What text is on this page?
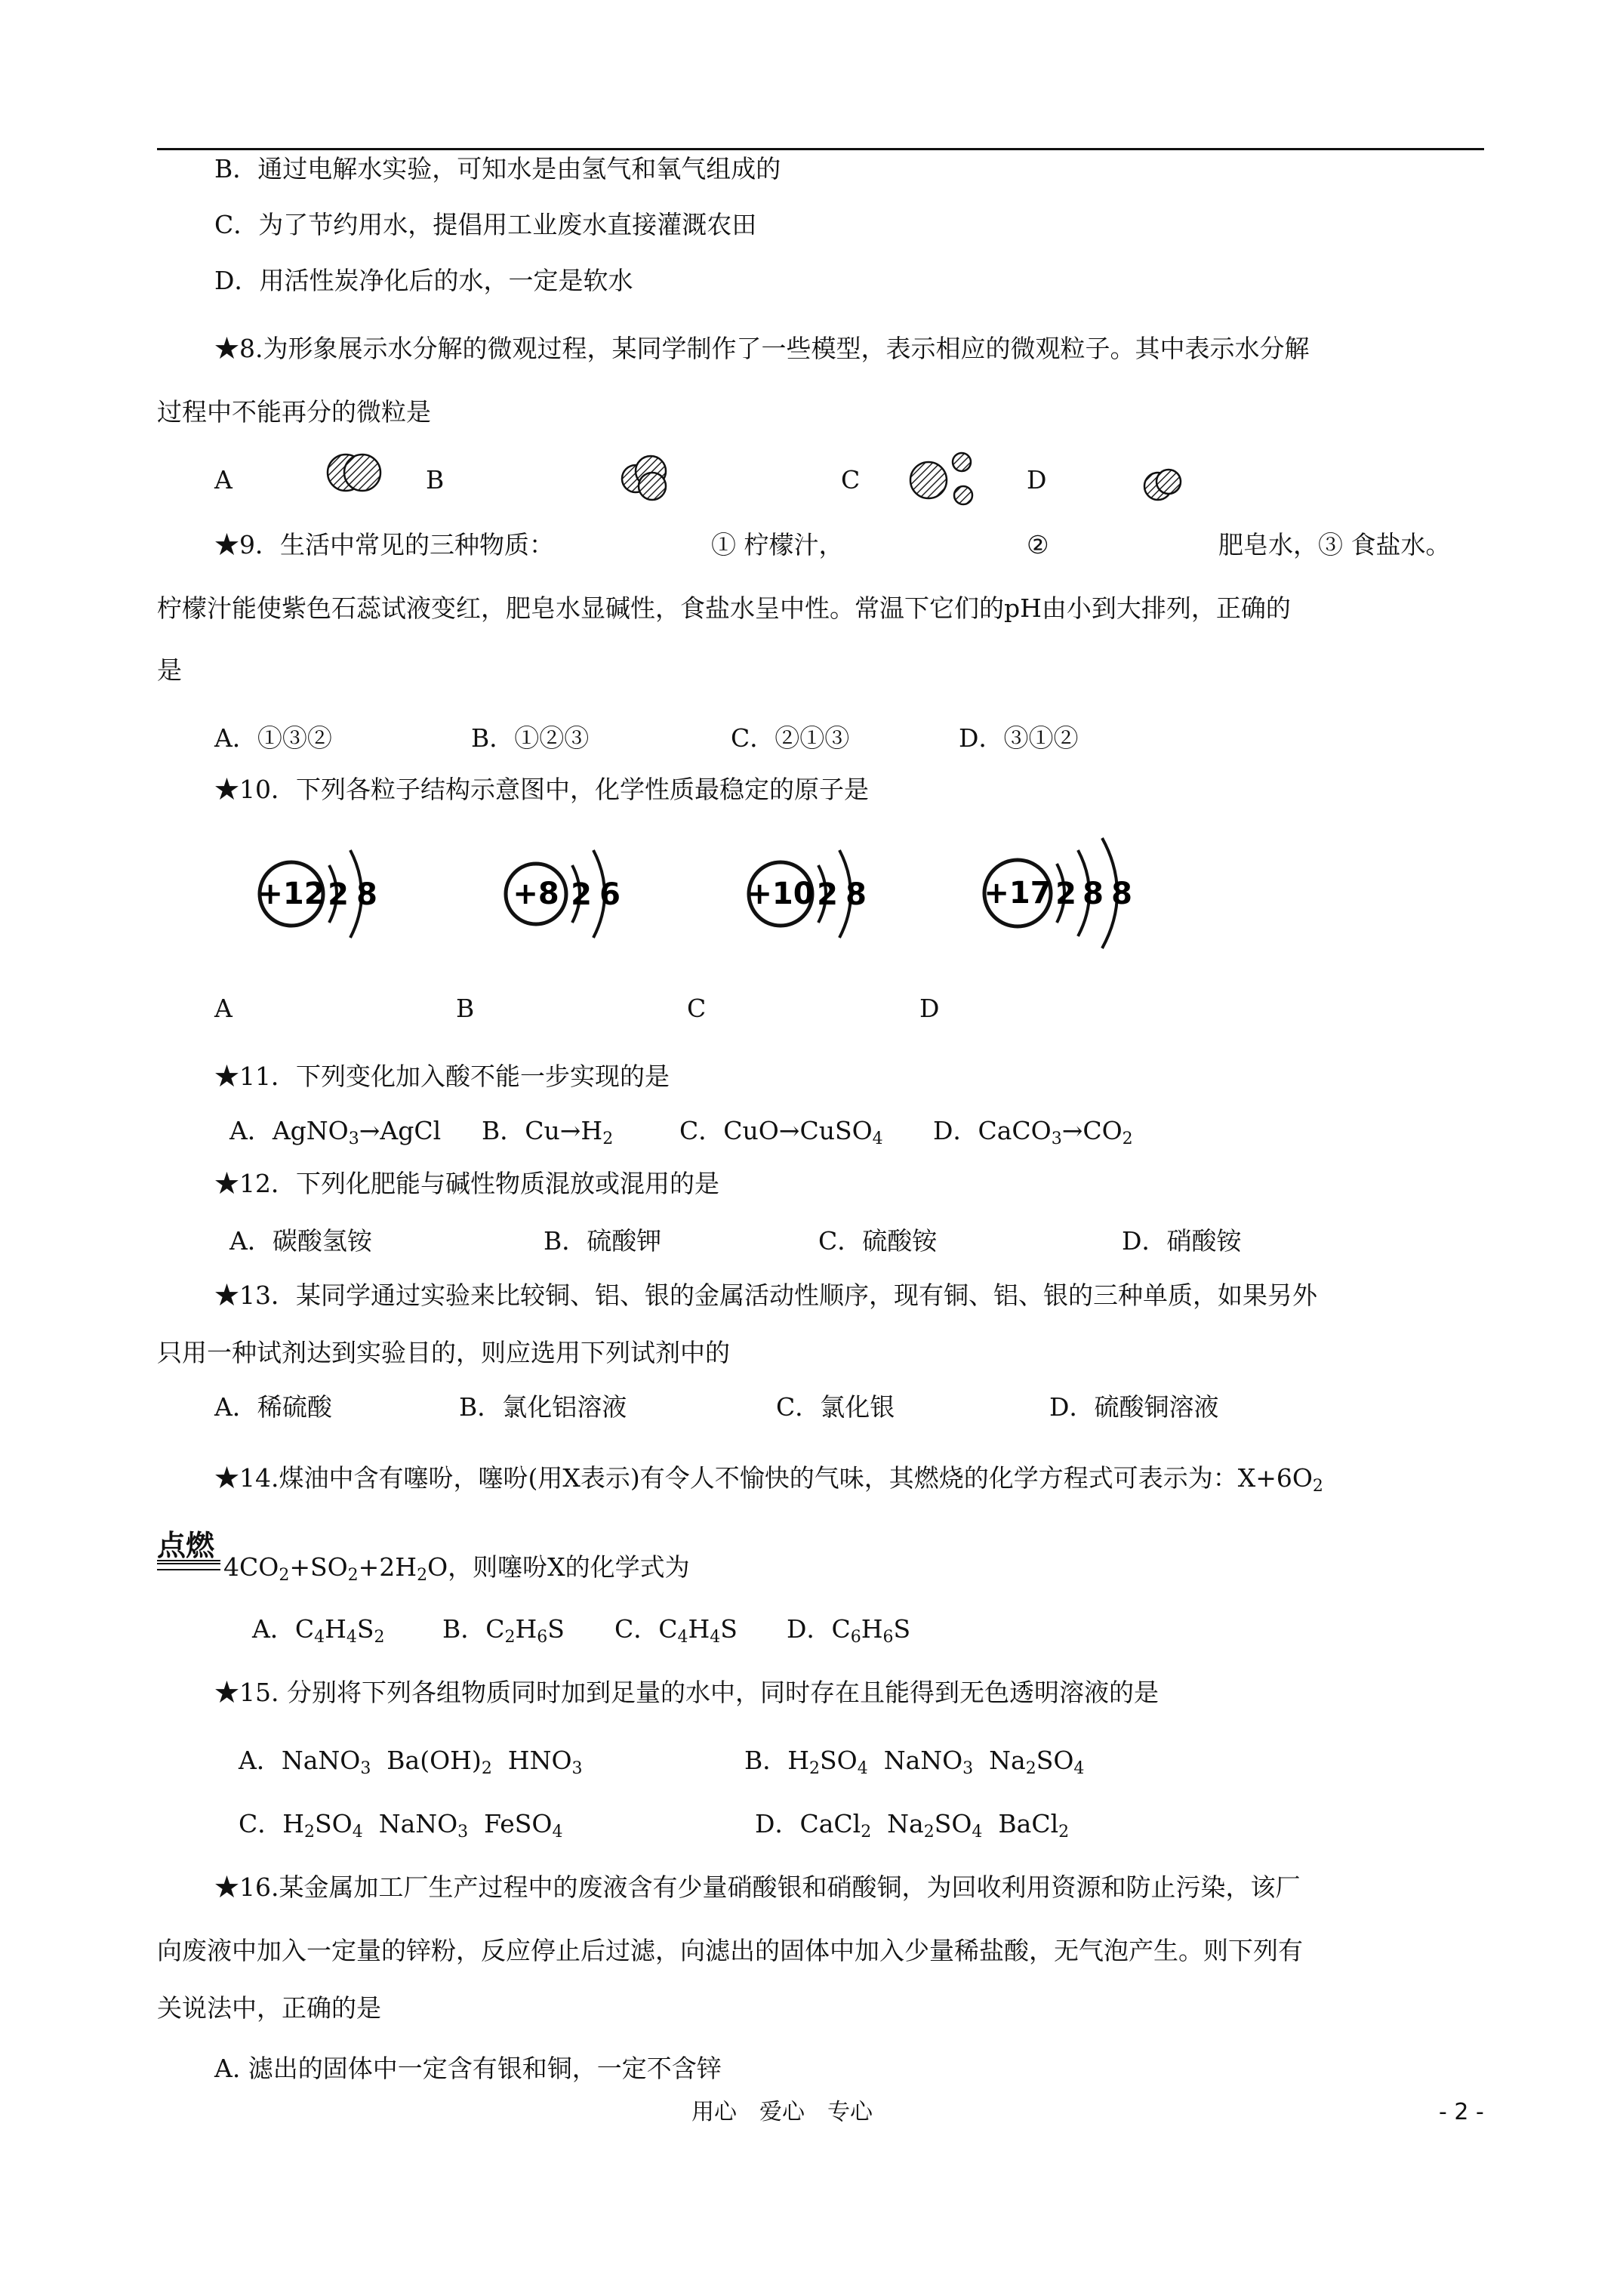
B．通过电解水实验，可知水是由氢气和氧气组成的
C．为了节约用水，提倡用工业废水直接灌溉农田
D．用活性炭净化后的水，一定是软水
★8.为形象展示水分解的微观过程，某同学制作了一些模型，表示相应的微观粒子。其中表示水分解
过程中不能再分的微粒是
A	B	C	D
★9．生活中常见的三种物质：	① 柠檬汁，	②	肥皂水，③ 食盐水。
柠檬汁能使紫色石蕊试液变红，肥皂水显碱性，食盐水呈中性。常温下它们的pH由小到大排列，正确的
是
A．①③②	B．①②③	C．②①③	D．③①②
★10．下列各粒子结构示意图中，化学性质最稳定的原子是
+12 2 8	+8 2 6	+10 2 8	+17 2 8 8
A	B	C	D
★11．下列变化加入酸不能一步实现的是
A．AgNO$_3$→AgCl B．$Cu\to H_2$	C．CuO→CuSO$_4$ D．$CaCO_3\to CO_2$
★12．下列化肥能与碱性物质混放或混用的是
A．碳酸氢铵	B．硫酸钾	C．硫酸铵	D．硝酸铵
★13．某同学通过实验来比较铜、铝、银的金属活动性顺序，现有铜、铝、银的三种单质，如果另外
只用一种试剂达到实验目的，则应选用下列试剂中的
A．稀硫酸	B．氯化铝溶液	C．氯化银	D．硫酸铜溶液
★14.煤油中含有噻吩，噻吩(用X表示)有令人不愉快的气味，其燃烧的化学方程式可表示为：$X+6O_2$
点燃
$4CO_2+SO_2+2H_2O$，则噻吩X的化学式为
A．$C_4H_4S_2$ B．$C_2H_6S$ C．$C_4H_4S$ D．$C_6H_6S$
★15. 分别将下列各组物质同时加到足量的水中，同时存在且能得到无色透明溶液的是
A．NaNO$_3$ $Ba(OH)_2$ $HNO_3$	B．$H_2SO_4$ NaNO$_3$ $Na_2SO_4$
C．$H_2SO_4$ NaNO$_3$ FeSO$_4$	D．CaCl$_2$ $Na_2SO_4$ BaCl$_2$
★16.某金属加工厂生产过程中的废液含有少量硝酸银和硝酸铜，为回收利用资源和防止污染，该厂
向废液中加入一定量的锌粉，反应停止后过滤，向滤出的固体中加入少量稀盐酸，无气泡产生。则下列有
关说法中，正确的是
A. 滤出的固体中一定含有银和铜，一定不含锌
用心　爱心　专心	- 2 -
